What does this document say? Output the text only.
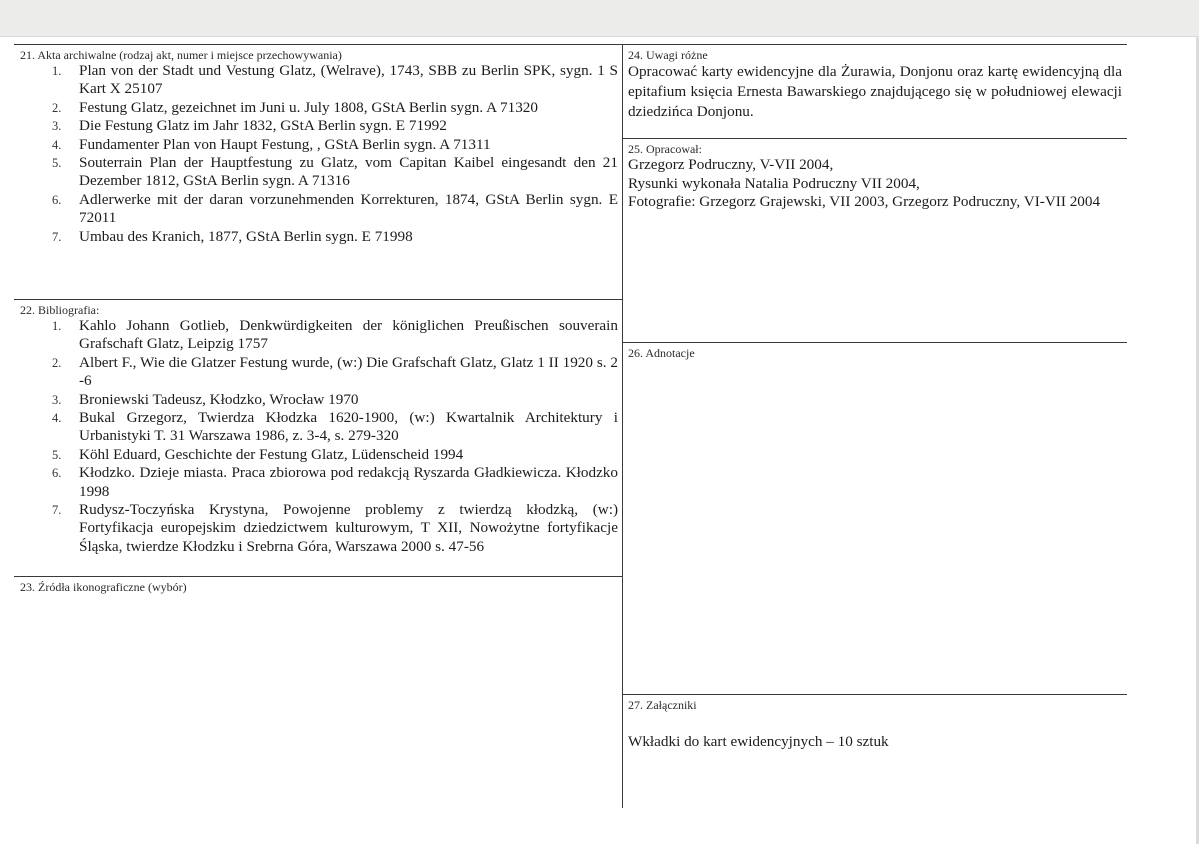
21. Akta archiwalne (rodzaj akt, numer i miejsce przechowywania)
1. Plan von der Stadt und Vestung Glatz, (Welrave), 1743, SBB zu Berlin SPK, sygn. 1 S Kart X 25107
2. Festung Glatz, gezeichnet im Juni u. July 1808, GStA Berlin sygn. A 71320
3. Die Festung Glatz im Jahr 1832, GStA Berlin sygn. E 71992
4. Fundamenter Plan von Haupt Festung, , GStA Berlin sygn. A 71311
5. Souterrain Plan der Hauptfestung zu Glatz, vom Capitan Kaibel eingesandt den 21 Dezember 1812, GStA Berlin sygn. A 71316
6. Adlerwerke mit der daran vorzunehmenden Korrekturen, 1874, GStA Berlin sygn. E 72011
7. Umbau des Kranich, 1877, GStA Berlin sygn. E 71998
22. Bibliografia:
1. Kahlo Johann Gotlieb, Denkwürdigkeiten der königlichen Preußischen souverain Grafschaft Glatz, Leipzig 1757
2. Albert F., Wie die Glatzer Festung wurde, (w:) Die Grafschaft Glatz, Glatz 1 II 1920 s. 2 -6
3. Broniewski Tadeusz, Kłodzko, Wrocław 1970
4. Bukal Grzegorz, Twierdza Kłodzka 1620-1900, (w:) Kwartalnik Architektury i Urbanistyki T. 31 Warszawa 1986, z. 3-4, s. 279-320
5. Köhl Eduard, Geschichte der Festung Glatz, Lüdenscheid 1994
6. Kłodzko. Dzieje miasta. Praca zbiorowa pod redakcją Ryszarda Gładkiewicza. Kłodzko 1998
7. Rudysz-Toczyńska Krystyna, Powojenne problemy z twierdzą kłodzką, (w:) Fortyfikacja europejskim dziedzictwem kulturowym, T XII, Nowożytne fortyfikacje Śląska, twierdze Kłodzku i Srebrna Góra, Warszawa 2000 s. 47-56
23. Źródła ikonograficzne (wybór)
24. Uwagi różne

Opracować karty ewidencyjne dla Żurawia, Donjonu oraz kartę ewidencyjną dla epitafium księcia Ernesta Bawarskiego znajdującego się w południowej elewacji dziedzińca Donjonu.

25. Opracował:

Grzegorz Podruczny, V-VII 2004,

Rysunki wykonała Natalia Podruczny VII 2004,

Fotografie: Grzegorz Grajewski, VII 2003, Grzegorz Podruczny, VI-VII 2004

26. Adnotacje
27. Załączniki

Wkładki do kart ewidencyjnych – 10 sztuk
